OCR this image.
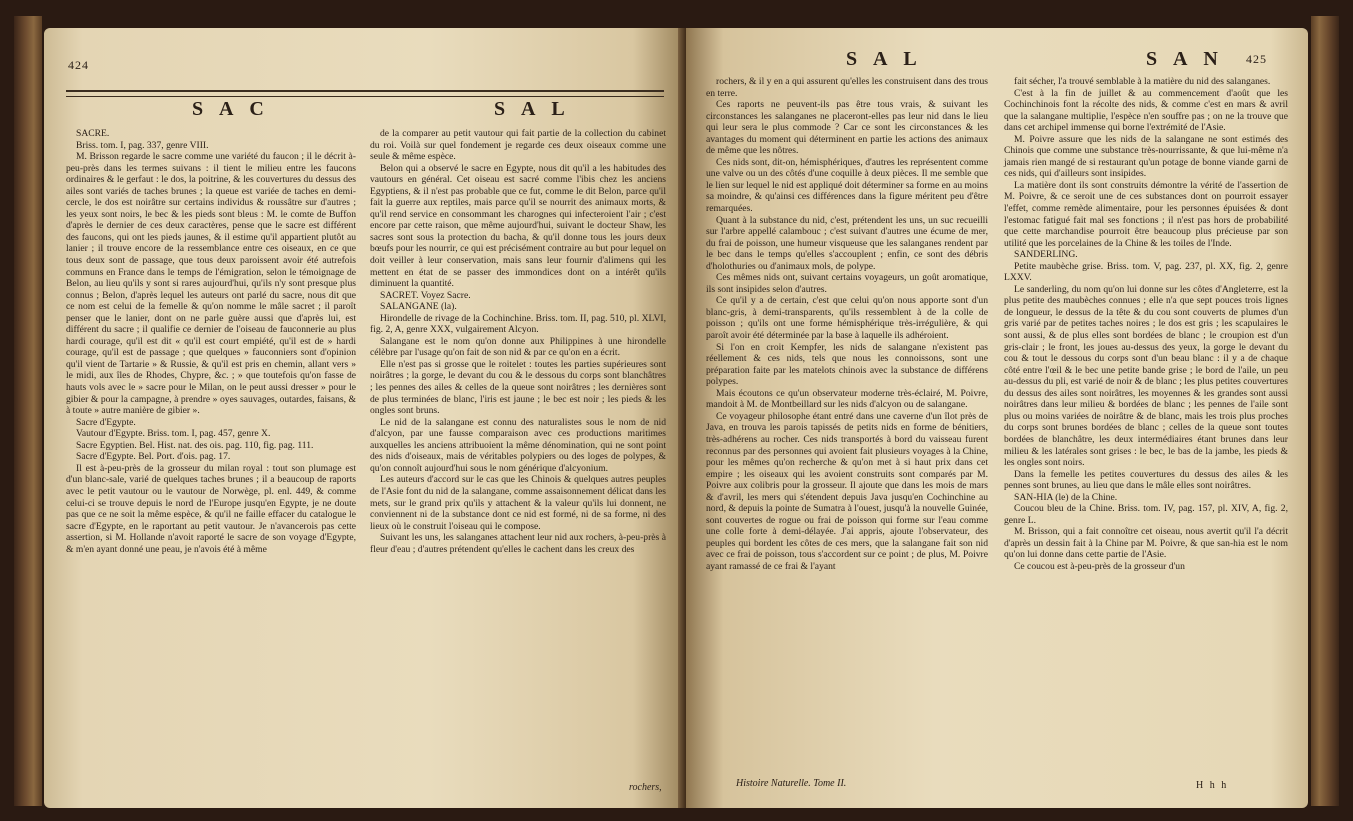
424
S A C	S A L

SACRE.

Briss. tom. I, pag. 337, genre VIII.

M. Brisson regarde le sacre comme une variété du faucon ; il le décrit à-peu-près dans les termes suivans : il tient le milieu entre les faucons ordinaires & le gerfaut : le dos, la poitrine, & les couvertures du dessus des ailes sont variés de taches brunes ; la queue est variée de taches en demi-cercle, le dos est noirâtre sur certains individus & roussâtre sur d'autres ; les yeux sont noirs, le bec & les pieds sont bleus : M. le comte de Buffon d'après le dernier de ces deux caractères, pense que le sacre est différent des faucons, qui ont les pieds jaunes, & il estime qu'il appartient plutôt au lanier ; il trouve encore de la ressemblance entre ces oiseaux, en ce que tous deux sont de passage, que tous deux paroissent avoir été autrefois communs en France dans le temps de l'émigration, selon le témoignage de Belon, au lieu qu'ils y sont si rares aujourd'hui, qu'ils n'y sont presque plus connus ; Belon, d'après lequel les auteurs ont parlé du sacre, nous dit que ce nom est celui de la femelle & qu'on nomme le mâle sacret ; il paroît penser que le lanier, dont on ne parle guère aussi que d'après lui, est différent du sacre ; il qualifie ce dernier de l'oiseau de fauconnerie au plus hardi courage, qu'il est dit « qu'il est court empiété, qu'il est de » hardi courage, qu'il est de passage ; que quelques » fauconniers sont d'opinion qu'il vient de Tartarie » & Russie, & qu'il est pris en chemin, allant vers » le midi, aux îles de Rhodes, Chypre, &c. ; » que toutefois qu'on fasse de hauts vols avec le » sacre pour le Milan, on le peut aussi dresser » pour le gibier & pour la campagne, à prendre » oyes sauvages, outardes, faisans, & à toute » autre manière de gibier ».

Sacre d'Egypte.

Vautour d'Egypte. Briss. tom. I, pag. 457, genre X.

Sacre Egyptien. Bel. Hist. nat. des ois. pag. 110, fig. pag. 111.

Sacre d'Egypte. Bel. Port. d'ois. pag. 17.

Il est à-peu-près de la grosseur du milan royal : tout son plumage est d'un blanc-sale, varié de quelques taches brunes ; il a beaucoup de raports avec le petit vautour ou le vautour de Norwège, pl. enl. 449, & comme celui-ci se trouve depuis le nord de l'Europe jusqu'en Egypte, je ne doute pas que ce ne soit la même espèce, & qu'il ne faille effacer du catalogue le sacre d'Egypte, en le raportant au petit vautour. Je n'avancerois pas cette assertion, si M. Hollande n'avoit raporté le sacre de son voyage d'Egypte, & m'en ayant donné une peau, je n'avois été à même

de la comparer au petit vautour qui fait partie de la collection du cabinet du roi. Voilà sur quel fondement je regarde ces deux oiseaux comme une seule & même espèce.

Belon qui a observé le sacre en Egypte, nous dit qu'il a les habitudes des vautours en général. Cet oiseau est sacré comme l'ibis chez les anciens Egyptiens, & il n'est pas probable que ce fut, comme le dit Belon, parce qu'il fait la guerre aux reptiles, mais parce qu'il se nourrit des animaux morts, & qu'il rend service en consommant les charognes qui infecteroient l'air ; c'est encore par cette raison, que même aujourd'hui, suivant le docteur Shaw, les sacres sont sous la protection du bacha, & qu'il donne tous les jours deux bœufs pour les nourrir, ce qui est précisément contraire au but pour lequel on doit veiller à leur conservation, mais sans leur fournir d'alimens qui les mettent en état de se passer des immondices dont on a intérêt qu'ils diminuent la quantité.

SACRET. Voyez Sacre.

SALANGANE (la).

Hirondelle de rivage de la Cochinchine. Briss. tom. II, pag. 510, pl. XLVI, fig. 2, A, genre XXX, vulgairement Alcyon.

Salangane est le nom qu'on donne aux Philippines à une hirondelle célèbre par l'usage qu'on fait de son nid & par ce qu'on en a écrit.

Elle n'est pas si grosse que le roitelet : toutes les parties supérieures sont noirâtres ; la gorge, le devant du cou & le dessous du corps sont blanchâtres ; les pennes des ailes & celles de la queue sont noirâtres ; les dernières sont de plus terminées de blanc, l'iris est jaune ; le bec est noir ; les pieds & les ongles sont bruns.

Le nid de la salangane est connu des naturalistes sous le nom de nid d'alcyon, par une fausse comparaison avec ces productions maritimes auxquelles les anciens attribuoient la même dénomination, qui ne sont point des nids d'oiseaux, mais de véritables polypiers ou des loges de polypes, & qu'on connoît aujourd'hui sous le nom générique d'alcyonium.

Les auteurs d'accord sur le cas que les Chinois & quelques autres peuples de l'Asie font du nid de la salangane, comme assaisonnement délicat dans les mets, sur le grand prix qu'ils y attachent & la valeur qu'ils lui donnent, ne conviennent ni de la substance dont ce nid est formé, ni de sa forme, ni des lieux où le construit l'oiseau qui le compose.

Suivant les uns, les salanganes attachent leur nid aux rochers, à-peu-près à fleur d'eau ; d'autres prétendent qu'elles le cachent dans les creux des

rochers,
S A L	S A N 425

rochers, & il y en a qui assurent qu'elles les construisent dans des trous en terre.

Ces raports ne peuvent-ils pas être tous vrais, & suivant les circonstances les salanganes ne placeront-elles pas leur nid dans le lieu qui leur sera le plus commode ? Car ce sont les circonstances & les avantages du moment qui déterminent en partie les actions des animaux de même que les nôtres.

Ces nids sont, dit-on, hémisphériques, d'autres les représentent comme une valve ou un des côtés d'une coquille à deux pièces. Il me semble que le lien sur lequel le nid est appliqué doit déterminer sa forme en au moins sa moindre, & qu'ainsi ces différences dans la figure méritent peu d'être remarquées.

Quant à la substance du nid, c'est, prétendent les uns, un suc recueilli sur l'arbre appellé calambouc ; c'est suivant d'autres une écume de mer, du frai de poisson, une humeur visqueuse que les salanganes rendent par le bec dans le temps qu'elles s'accouplent ; enfin, ce sont des débris d'holothuries ou d'animaux mols, de polype.

Ces mêmes nids ont, suivant certains voyageurs, un goût aromatique, ils sont insipides selon d'autres.

Ce qu'il y a de certain, c'est que celui qu'on nous apporte sont d'un blanc-gris, à demi-transparents, qu'ils ressemblent à de la colle de poisson ; qu'ils ont une forme hémisphérique très-irrégulière, & qui paroît avoir été déterminée par la base à laquelle ils adhéroient.

Si l'on en croit Kempfer, les nids de salangane n'existent pas réellement & ces nids, tels que nous les connoissons, sont une préparation faite par les matelots chinois avec la substance de différens polypes.

Mais écoutons ce qu'un observateur moderne très-éclairé, M. Poivre, mandoit à M. de Montbeillard sur les nids d'alcyon ou de salangane.

Ce voyageur philosophe étant entré dans une caverne d'un îlot près de Java, en trouva les parois tapissés de petits nids en forme de bénitiers, très-adhérens au rocher. Ces nids transportés à bord du vaisseau furent reconnus par des personnes qui avoient fait plusieurs voyages à la Chine, pour les mêmes qu'on recherche & qu'on met à si haut prix dans cet empire ; les oiseaux qui les avoient construits sont comparés par M. Poivre aux colibris pour la grosseur. Il ajoute que dans les mois de mars & d'avril, les mers qui s'étendent depuis Java jusqu'en Cochinchine au nord, & depuis la pointe de Sumatra à l'ouest, jusqu'à la nouvelle Guinée, sont couvertes de rogue ou frai de poisson qui forme sur l'eau comme une colle forte à demi-délayée. J'ai appris, ajoute l'observateur, des peuples qui bordent les côtes de ces mers, que la salangane fait son nid avec ce frai de poisson, tous s'accordent sur ce point ; de plus, M. Poivre ayant ramassé de ce frai & l'ayant

fait sécher, l'a trouvé semblable à la matière du nid des salanganes.

C'est à la fin de juillet & au commencement d'août que les Cochinchinois font la récolte des nids, & comme c'est en mars & avril que la salangane multiplie, l'espèce n'en souffre pas ; on ne la trouve que dans cet archipel immense qui borne l'extrémité de l'Asie.

M. Poivre assure que les nids de la salangane ne sont estimés des Chinois que comme une substance très-nourrissante, & que lui-même n'a jamais rien mangé de si restaurant qu'un potage de bonne viande garni de ces nids, qui d'ailleurs sont insipides.

La matière dont ils sont construits démontre la vérité de l'assertion de M. Poivre, & ce seroit une de ces substances dont on pourroit essayer l'effet, comme remède alimentaire, pour les personnes épuisées & dont l'estomac fatigué fait mal ses fonctions ; il n'est pas hors de probabilité que cette marchandise pourroit être beaucoup plus précieuse par son utilité que les porcelaines de la Chine & les toiles de l'Inde.

SANDERLING.

Petite maubèche grise. Briss. tom. V, pag. 237, pl. XX, fig. 2, genre LXXV.

Le sanderling, du nom qu'on lui donne sur les côtes d'Angleterre, est la plus petite des maubèches connues ; elle n'a que sept pouces trois lignes de longueur, le dessus de la tête & du cou sont couverts de plumes d'un gris varié par de petites taches noires ; le dos est gris ; les scapulaires le sont aussi, & de plus elles sont bordées de blanc ; le croupion est d'un gris-clair ; le front, les joues au-dessus des yeux, la gorge le devant du cou & tout le dessous du corps sont d'un beau blanc : il y a de chaque côté entre l'œil & le bec une petite bande grise ; le bord de l'aile, un peu au-dessus du pli, est varié de noir & de blanc ; les plus petites couvertures du dessus des ailes sont noirâtres, les moyennes & les grandes sont aussi noirâtres dans leur milieu & bordées de blanc ; les pennes de l'aile sont plus ou moins variées de noirâtre & de blanc, mais les trois plus proches du corps sont brunes bordées de blanc ; celles de la queue sont toutes bordées de blanchâtre, les deux intermédiaires étant brunes dans leur milieu & les latérales sont grises : le bec, le bas de la jambe, les pieds & les ongles sont noirs.

Dans la femelle les petites couvertures du dessus des ailes & les pennes sont brunes, au lieu que dans le mâle elles sont noirâtres.

SAN-HIA (le) de la Chine.

Coucou bleu de la Chine. Briss. tom. IV, pag. 157, pl. XIV, A, fig. 2, genre L.

M. Brisson, qui a fait connoître cet oiseau, nous avertit qu'il l'a décrit d'après un dessin fait à la Chine par M. Poivre, & que san-hia est le nom qu'on lui donne dans cette partie de l'Asie.

Ce coucou est à-peu-près de la grosseur d'un

Histoire Naturelle. Tome II.	H h h
